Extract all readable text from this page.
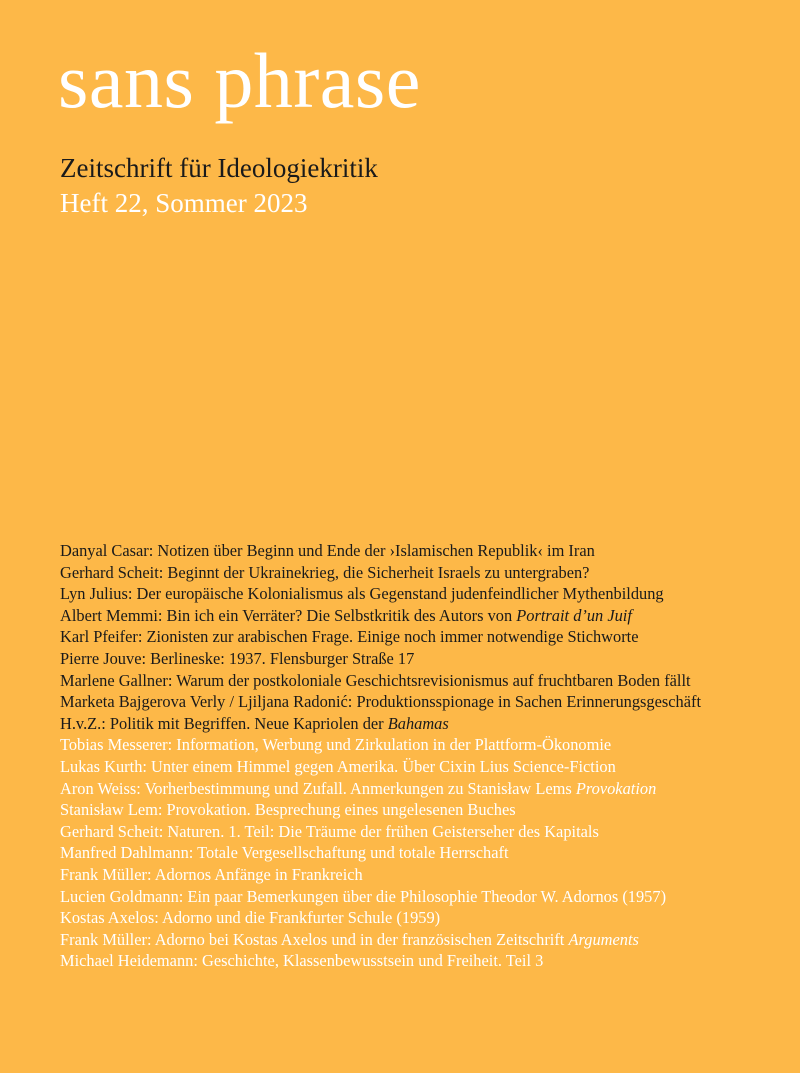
sans phrase
Zeitschrift für Ideologiekritik
Heft 22, Sommer 2023
Danyal Casar: Notizen über Beginn und Ende der ›Islamischen Republik‹ im Iran
Gerhard Scheit: Beginnt der Ukrainekrieg, die Sicherheit Israels zu untergraben?
Lyn Julius: Der europäische Kolonialismus als Gegenstand judenfeindlicher Mythenbildung
Albert Memmi: Bin ich ein Verräter? Die Selbstkritik des Autors von Portrait d’un Juif
Karl Pfeifer: Zionisten zur arabischen Frage. Einige noch immer notwendige Stichworte
Pierre Jouve: Berlineske: 1937. Flensburger Straße 17
Marlene Gallner: Warum der postkoloniale Geschichtsrevisionismus auf fruchtbaren Boden fällt
Marketa Bajgerova Verly / Ljiljana Radonić: Produktionsspionage in Sachen Erinnerungsgeschäft
H.v.Z.: Politik mit Begriffen. Neue Kapriolen der Bahamas
Tobias Messerer: Information, Werbung und Zirkulation in der Plattform-Ökonomie
Lukas Kurth: Unter einem Himmel gegen Amerika. Über Cixin Lius Science-Fiction
Aron Weiss: Vorherbestimmung und Zufall. Anmerkungen zu Stanisław Lems Provokation
Stanisław Lem: Provokation. Besprechung eines ungelesenen Buches
Gerhard Scheit: Naturen. 1. Teil: Die Träume der frühen Geisterseher des Kapitals
Manfred Dahlmann: Totale Vergesellschaftung und totale Herrschaft
Frank Müller: Adornos Anfänge in Frankreich
Lucien Goldmann: Ein paar Bemerkungen über die Philosophie Theodor W. Adornos (1957)
Kostas Axelos: Adorno und die Frankfurter Schule (1959)
Frank Müller: Adorno bei Kostas Axelos und in der französischen Zeitschrift Arguments
Michael Heidemann: Geschichte, Klassenbewusstsein und Freiheit. Teil 3
